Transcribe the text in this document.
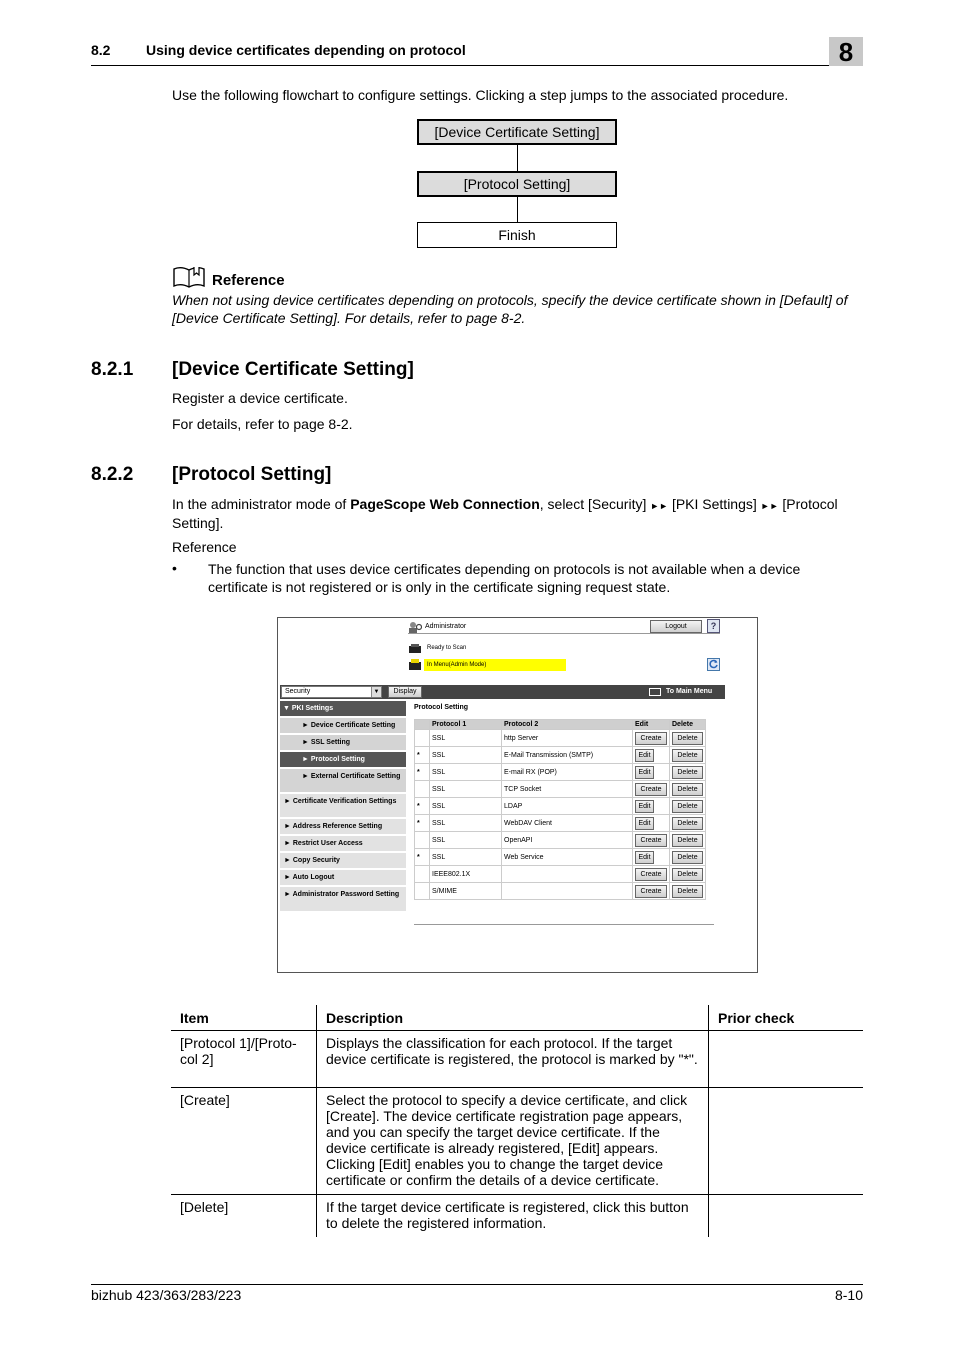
8.2	Using device certificates depending on protocol	8
Use the following flowchart to configure settings. Clicking a step jumps to the associated procedure.
[Device Certificate Setting]
[Protocol Setting]
Finish
Reference
When not using device certificates depending on protocols, specify the device certificate shown in [Default] of [Device Certificate Setting]. For details, refer to page 8-2.
8.2.1 [Device Certificate Setting]
Register a device certificate.
For details, refer to page 8-2.
8.2.2 [Protocol Setting]
In the administrator mode of PageScope Web Connection, select [Security] ►► [PKI Settings] ►► [Protocol Setting].
Reference
• The function that uses device certificates depending on protocols is not available when a device certificate is not registered or is only in the certificate signing request state.
Administrator	Logout	?
Ready to Scan
In Menu(Admin Mode)
Security	▼	Display	To Main Menu
▼ PKI Settings
► Device Certificate Setting
► SSL Setting
► Protocol Setting
► External Certificate Setting
► Certificate Verification Settings
► Address Reference Setting
► Restrict User Access
► Copy Security
► Auto Logout
► Administrator Password Setting
Protocol Setting
	Protocol 1	Protocol 2	Edit	Delete
	SSL	http Server	Create	Delete
*	SSL	E-Mail Transmission (SMTP)	Edit	Delete
*	SSL	E-mail RX (POP)	Edit	Delete
	SSL	TCP Socket	Create	Delete
*	SSL	LDAP	Edit	Delete
*	SSL	WebDAV Client	Edit	Delete
	SSL	OpenAPI	Create	Delete
*	SSL	Web Service	Edit	Delete
	IEEE802.1X		Create	Delete
	S/MIME		Create	Delete
Item	Description	Prior check
[Protocol 1]/[Proto-col 2]	Displays the classification for each protocol. If the target device certificate is registered, the protocol is marked by "*".	
[Create]	Select the protocol to specify a device certificate, and click [Create]. The device certificate registration page appears, and you can specify the target device certificate. If the device certificate is already registered, [Edit] appears. Clicking [Edit] enables you to change the target device certificate or confirm the details of a device certificate.	
[Delete]	If the target device certificate is registered, click this button to delete the registered information.	
bizhub 423/363/283/223	8-10
